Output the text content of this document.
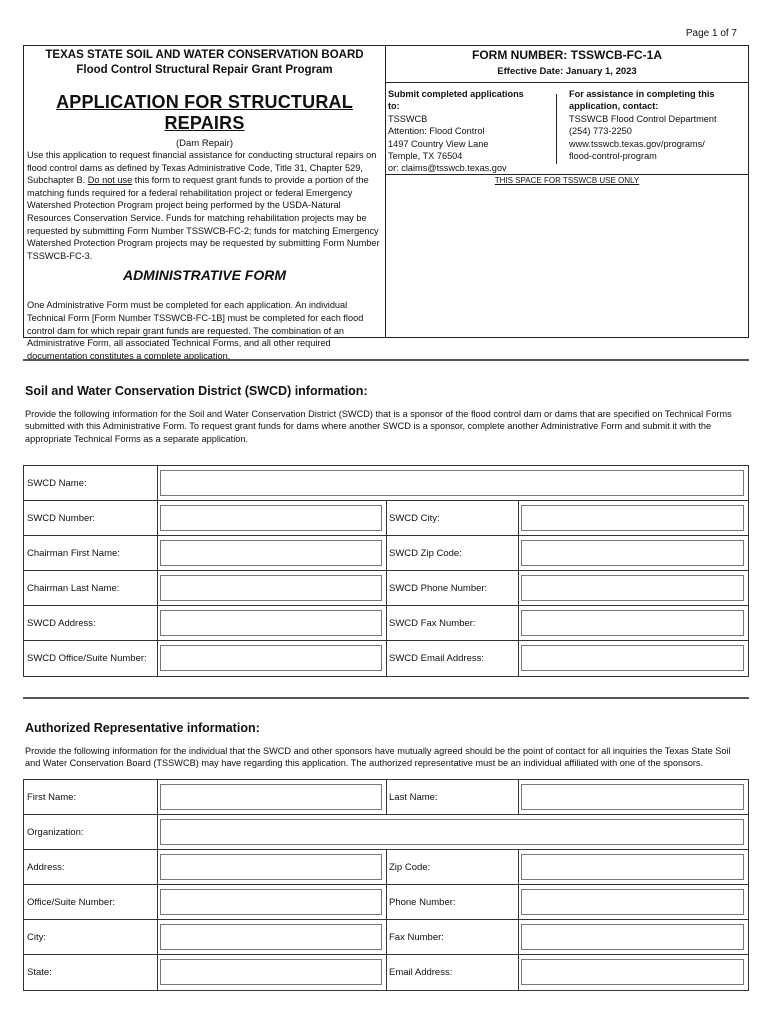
Page 1 of 7
TEXAS STATE SOIL AND WATER CONSERVATION BOARD
Flood Control Structural Repair Grant Program
APPLICATION FOR STRUCTURAL REPAIRS
(Dam Repair)
Use this application to request financial assistance for conducting structural repairs on flood control dams as defined by Texas Administrative Code, Title 31, Chapter 529, Subchapter B. Do not use this form to request grant funds to provide a portion of the matching funds required for a federal rehabilitation project or federal Emergency Watershed Protection Program project being performed by the USDA-Natural Resources Conservation Service. Funds for matching rehabilitation projects may be requested by submitting Form Number TSSWCB-FC-2; funds for matching Emergency Watershed Protection Program projects may be requested by submitting Form Number TSSWCB-FC-3.
ADMINISTRATIVE FORM
One Administrative Form must be completed for each application. An individual Technical Form [Form Number TSSWCB-FC-1B] must be completed for each flood control dam for which repair grant funds are requested. The combination of an Administrative Form, all associated Technical Forms, and all other required documentation constitutes a complete application.
FORM NUMBER: TSSWCB-FC-1A
Effective Date: January 1, 2023
Submit completed applications to:
TSSWCB
Attention: Flood Control
1497 Country View Lane
Temple, TX 76504
or: claims@tsswcb.texas.gov
For assistance in completing this application, contact:
TSSWCB Flood Control Department
(254) 773-2250
www.tsswcb.texas.gov/programs/
flood-control-program
THIS SPACE FOR TSSWCB USE ONLY
Soil and Water Conservation District (SWCD) information:
Provide the following information for the Soil and Water Conservation District (SWCD) that is a sponsor of the flood control dam or dams that are specified on Technical Forms submitted with this Administrative Form. To request grant funds for dams where another SWCD is a sponsor, complete another Administrative Form and submit it with the appropriate Technical Forms as a separate application.
SWCD Name:
SWCD Number:	SWCD City:
Chairman First Name:	SWCD Zip Code:
Chairman Last Name:	SWCD Phone Number:
SWCD Address:	SWCD Fax Number:
SWCD Office/Suite Number:	SWCD Email Address:
Authorized Representative information:
Provide the following information for the individual that the SWCD and other sponsors have mutually agreed should be the point of contact for all inquiries the Texas State Soil and Water Conservation Board (TSSWCB) may have regarding this application. The authorized representative must be an individual affiliated with one of the sponsors.
First Name:	Last Name:
Organization:
Address:	Zip Code:
Office/Suite Number:	Phone Number:
City:	Fax Number:
State:	Email Address:
